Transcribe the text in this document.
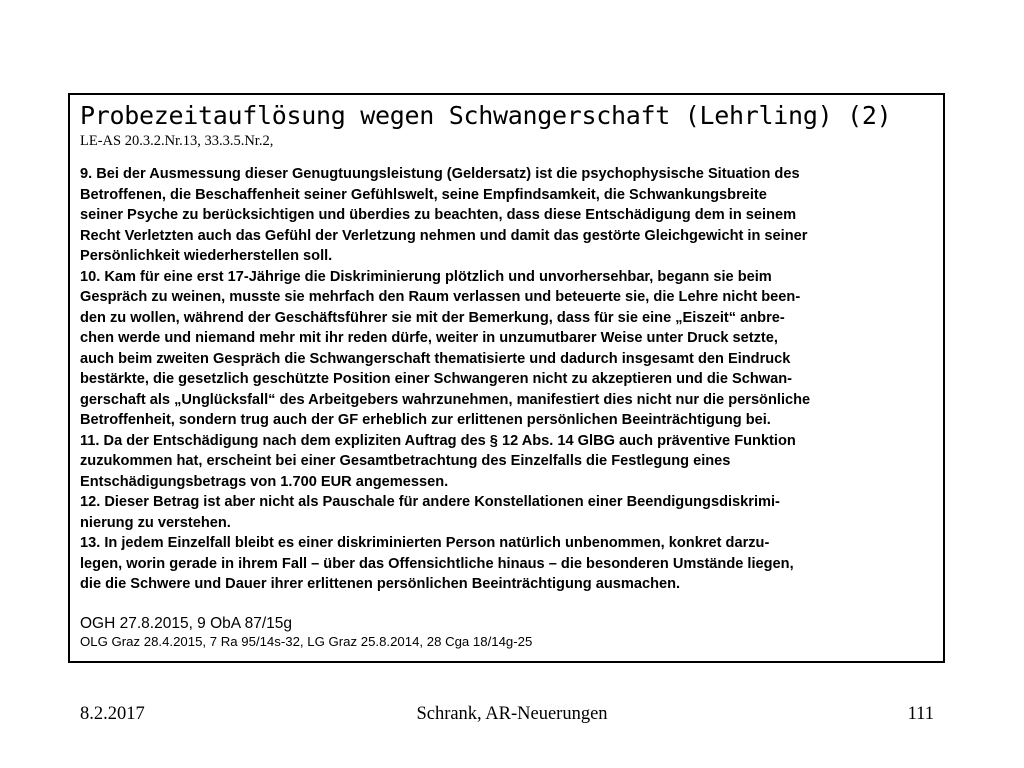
Probezeitauflösung wegen Schwangerschaft (Lehrling) (2)
LE-AS 20.3.2.Nr.13, 33.3.5.Nr.2,
9. Bei der Ausmessung dieser Genugtuungsleistung (Geldersatz) ist die psychophysische Situation des
Betroffenen, die Beschaffenheit seiner Gefühlswelt, seine Empfindsamkeit, die Schwankungsbreite
seiner Psyche zu berücksichtigen und überdies zu beachten, dass diese Entschädigung dem in seinem
Recht Verletzten auch das Gefühl der Verletzung nehmen und damit das gestörte Gleichgewicht in seiner
Persönlichkeit wiederherstellen soll.
10. Kam für eine erst 17-Jährige die Diskriminierung plötzlich und unvorhersehbar, begann sie beim
Gespräch zu weinen, musste sie mehrfach den Raum verlassen und beteuerte sie, die Lehre nicht been-
den zu wollen, während der Geschäftsführer sie mit der Bemerkung, dass für sie eine „Eiszeit“ anbre-
chen werde und niemand mehr mit ihr reden dürfe, weiter in unzumutbarer Weise unter Druck setzte,
auch beim zweiten Gespräch die Schwangerschaft thematisierte und dadurch insgesamt den Eindruck
bestärkte, die gesetzlich geschützte Position einer Schwangeren nicht zu akzeptieren und die Schwan-
gerschaft als „Unglücksfall“ des Arbeitgebers wahrzunehmen, manifestiert dies nicht nur die persönliche
Betroffenheit, sondern trug auch der GF erheblich zur erlittenen persönlichen Beeinträchtigung bei.
11. Da der Entschädigung nach dem expliziten Auftrag des § 12 Abs. 14 GlBG auch präventive Funktion
zuzukommen hat, erscheint bei einer Gesamtbetrachtung des Einzelfalls die Festlegung eines
Entschädigungsbetrags von 1.700 EUR angemessen.
12. Dieser Betrag ist aber nicht als Pauschale für andere Konstellationen einer Beendigungsdiskrimi-
nierung zu verstehen.
13. In jedem Einzelfall bleibt es einer diskriminierten Person natürlich unbenommen, konkret darzu-
legen, worin gerade in ihrem Fall – über das Offensichtliche hinaus – die besonderen Umstände liegen,
die die Schwere und Dauer ihrer erlittenen persönlichen Beeinträchtigung ausmachen.
OGH 27.8.2015, 9 ObA 87/15g
OLG Graz 28.4.2015, 7 Ra 95/14s-32, LG Graz 25.8.2014, 28 Cga 18/14g-25
8.2.2017	Schrank, AR-Neuerungen	111
